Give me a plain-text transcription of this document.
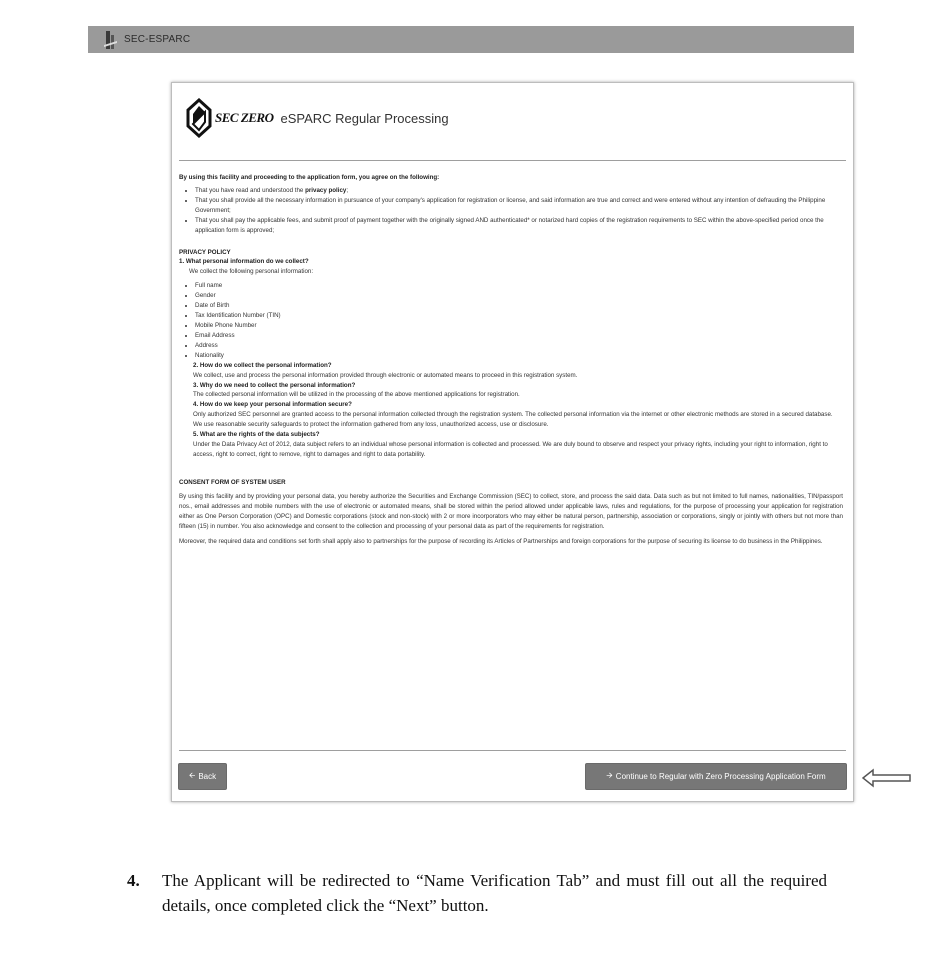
SEC-ESPARC
SEC ZERO eSPARC Regular Processing

By using this facility and proceeding to the application form, you agree on the following:

• That you have read and understood the privacy policy;
• That you shall provide all the necessary information in pursuance of your company's application for registration or license, and said information are true and correct and were entered without any intention of defrauding the Philippine Government;
• That you shall pay the applicable fees, and submit proof of payment together with the originally signed AND authenticated* or notarized hard copies of the registration requirements to SEC within the above-specified period once the application form is approved;

PRIVACY POLICY

1. What personal information do we collect?

We collect the following personal information:

• Full name
• Gender
• Date of Birth
• Tax Identification Number (TIN)
• Mobile Phone Number
• Email Address
• Address
• Nationality

2. How do we collect the personal information?

We collect, use and process the personal information provided through electronic or automated means to proceed in this registration system.

3. Why do we need to collect the personal information?

The collected personal information will be utilized in the processing of the above mentioned applications for registration.

4. How do we keep your personal information secure?

Only authorized SEC personnel are granted access to the personal information collected through the registration system. The collected personal information via the internet or other electronic methods are stored in a secured database. We use reasonable security safeguards to protect the information gathered from any loss, unauthorized access, use or disclosure.

5. What are the rights of the data subjects?

Under the Data Privacy Act of 2012, data subject refers to an individual whose personal information is collected and processed. We are duly bound to observe and respect your privacy rights, including your right to information, right to access, right to correct, right to remove, right to damages and right to data portability.

CONSENT FORM OF SYSTEM USER

By using this facility and by providing your personal data, you hereby authorize the Securities and Exchange Commission (SEC) to collect, store, and process the said data. Data such as but not limited to full names, nationalities, TIN/passport nos., email addresses and mobile numbers with the use of electronic or automated means, shall be stored within the period allowed under applicable laws, rules and regulations, for the purpose of processing your application for registration either as One Person Corporation (OPC) and Domestic corporations (stock and non-stock) with 2 or more incorporators who may either be natural person, partnership, association or corporations, singly or jointly with others but not more than fifteen (15) in number. You also acknowledge and consent to the collection and processing of your personal data as part of the requirements for registration.

Moreover, the required data and conditions set forth shall apply also to partnerships for the purpose of recording its Articles of Partnerships and foreign corporations for the purpose of securing its license to do business in the Philippines.

🡨 Back	🡪 Continue to Regular with Zero Processing Application Form
4. The Applicant will be redirected to “Name Verification Tab” and must fill out all the required details, once completed click the “Next” button.
